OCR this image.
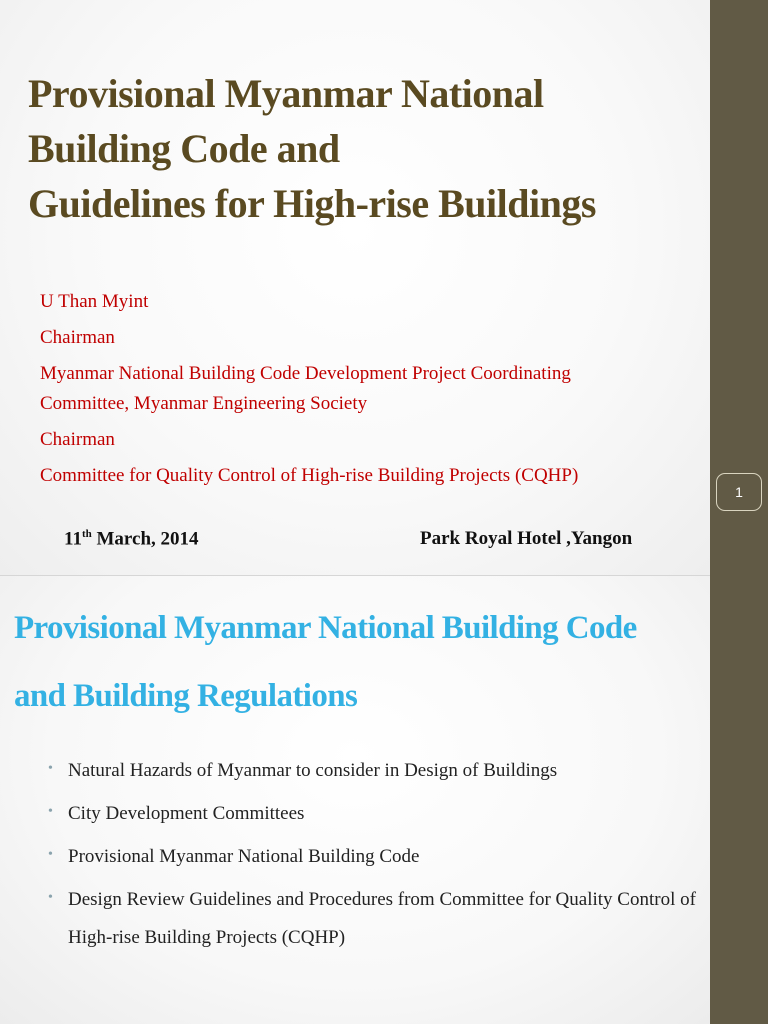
Provisional Myanmar National
Building Code and
Guidelines for High-rise Buildings
U Than Myint
Chairman
Myanmar National Building Code Development Project Coordinating
Committee, Myanmar Engineering Society
Chairman
Committee for Quality Control of High-rise Building Projects (CQHP)
11th March, 2014	Park Royal Hotel ,Yangon
Provisional Myanmar National Building Code
and Building Regulations
• Natural Hazards of Myanmar to consider in Design of Buildings
• City Development Committees
• Provisional Myanmar National Building Code
• Design Review Guidelines and Procedures from Committee for Quality Control of High-rise Building Projects (CQHP)
1
